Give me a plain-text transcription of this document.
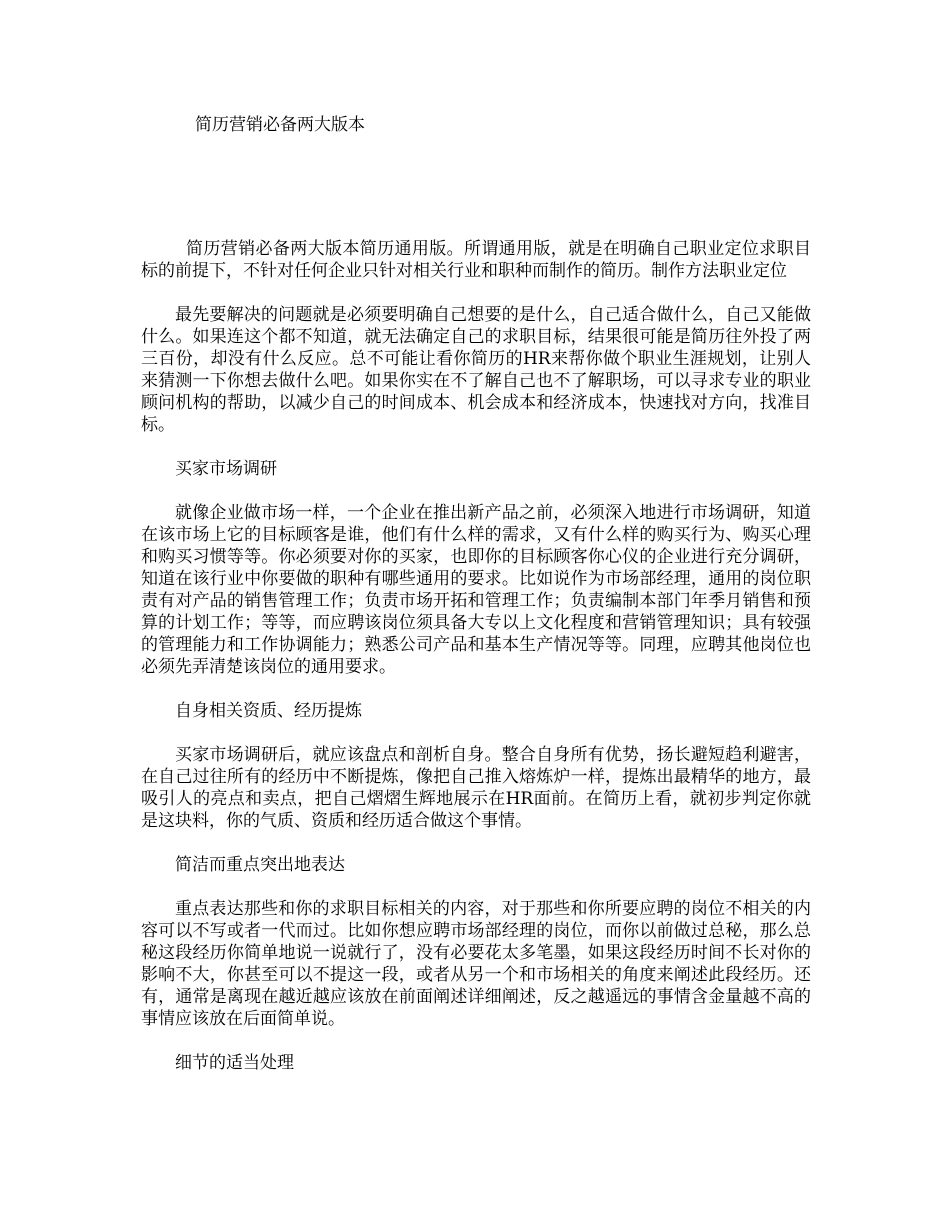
简历营销必备两大版本

简历营销必备两大版本简历通用版。所谓通用版，就是在明确自己职业定位求职目标的前提下，不针对任何企业只针对相关行业和职种而制作的简历。制作方法职业定位

最先要解决的问题就是必须要明确自己想要的是什么，自己适合做什么，自己又能做什么。如果连这个都不知道，就无法确定自己的求职目标，结果很可能是简历往外投了两三百份，却没有什么反应。总不可能让看你简历的HR来帮你做个职业生涯规划，让别人来猜测一下你想去做什么吧。如果你实在不了解自己也不了解职场，可以寻求专业的职业顾问机构的帮助，以减少自己的时间成本、机会成本和经济成本，快速找对方向，找准目标。

买家市场调研

就像企业做市场一样，一个企业在推出新产品之前，必须深入地进行市场调研，知道在该市场上它的目标顾客是谁，他们有什么样的需求，又有什么样的购买行为、购买心理和购买习惯等等。你必须要对你的买家，也即你的目标顾客你心仪的企业进行充分调研，知道在该行业中你要做的职种有哪些通用的要求。比如说作为市场部经理，通用的岗位职责有对产品的销售管理工作；负责市场开拓和管理工作；负责编制本部门年季月销售和预算的计划工作；等等，而应聘该岗位须具备大专以上文化程度和营销管理知识；具有较强的管理能力和工作协调能力；熟悉公司产品和基本生产情况等等。同理，应聘其他岗位也必须先弄清楚该岗位的通用要求。

自身相关资质、经历提炼

买家市场调研后，就应该盘点和剖析自身。整合自身所有优势，扬长避短趋利避害，在自己过往所有的经历中不断提炼，像把自己推入熔炼炉一样，提炼出最精华的地方，最吸引人的亮点和卖点，把自己熠熠生辉地展示在HR面前。在简历上看，就初步判定你就是这块料，你的气质、资质和经历适合做这个事情。

简洁而重点突出地表达

重点表达那些和你的求职目标相关的内容，对于那些和你所要应聘的岗位不相关的内容可以不写或者一代而过。比如你想应聘市场部经理的岗位，而你以前做过总秘，那么总秘这段经历你简单地说一说就行了，没有必要花太多笔墨，如果这段经历时间不长对你的影响不大，你甚至可以不提这一段，或者从另一个和市场相关的角度来阐述此段经历。还有，通常是离现在越近越应该放在前面阐述详细阐述，反之越遥远的事情含金量越不高的事情应该放在后面简单说。

细节的适当处理
